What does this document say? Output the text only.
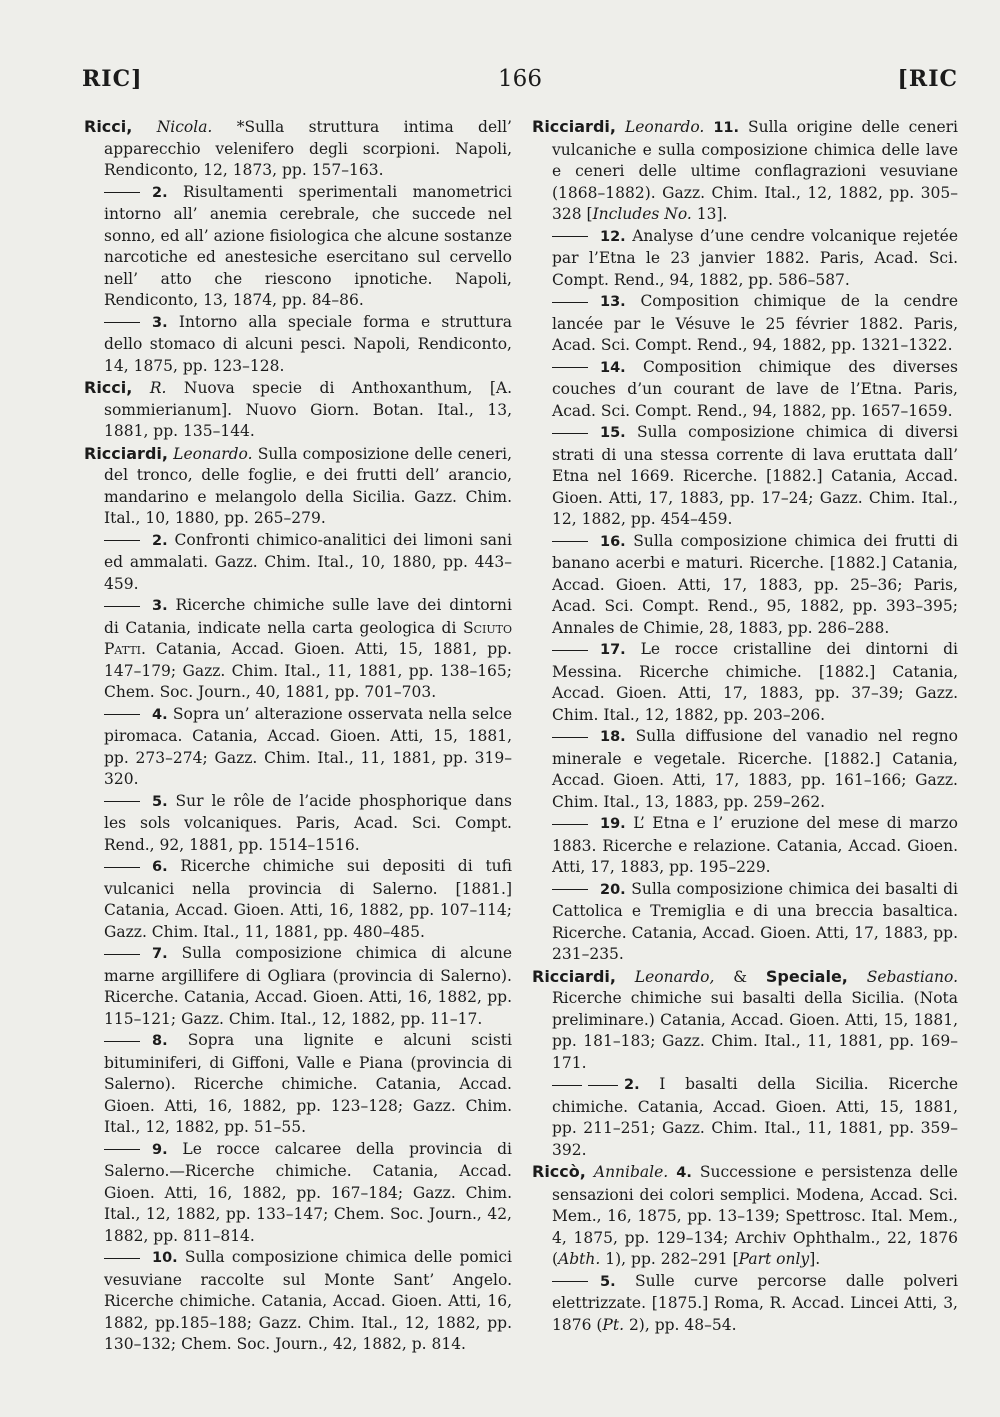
RIC]	166	[RIC

Ricci, Nicola. *Sulla struttura intima dell’ apparecchio velenifero degli scorpioni. Napoli, Rendiconto, 12, 1873, pp. 157–163.

2. Risultamenti sperimentali manometrici intorno all’ anemia cerebrale, che succede nel sonno, ed all’ azione fisiologica che alcune sostanze narcotiche ed anestesiche esercitano sul cervello nell’ atto che riescono ipnotiche. Napoli, Rendiconto, 13, 1874, pp. 84–86.

3. Intorno alla speciale forma e struttura dello stomaco di alcuni pesci. Napoli, Rendiconto, 14, 1875, pp. 123–128.

Ricci, R. Nuova specie di Anthoxanthum, [A. sommierianum]. Nuovo Giorn. Botan. Ital., 13, 1881, pp. 135–144.

Ricciardi, Leonardo. Sulla composizione delle ceneri, del tronco, delle foglie, e dei frutti dell’ arancio, mandarino e melangolo della Sicilia. Gazz. Chim. Ital., 10, 1880, pp. 265–279.

2. Confronti chimico-analitici dei limoni sani ed ammalati. Gazz. Chim. Ital., 10, 1880, pp. 443–459.

3. Ricerche chimiche sulle lave dei dintorni di Catania, indicate nella carta geologica di Sciuto Patti. Catania, Accad. Gioen. Atti, 15, 1881, pp. 147–179; Gazz. Chim. Ital., 11, 1881, pp. 138–165; Chem. Soc. Journ., 40, 1881, pp. 701–703.

4. Sopra un’ alterazione osservata nella selce piromaca. Catania, Accad. Gioen. Atti, 15, 1881, pp. 273–274; Gazz. Chim. Ital., 11, 1881, pp. 319–320.

5. Sur le rôle de l’acide phosphorique dans les sols volcaniques. Paris, Acad. Sci. Compt. Rend., 92, 1881, pp. 1514–1516.

6. Ricerche chimiche sui depositi di tufi vulcanici nella provincia di Salerno. [1881.] Catania, Accad. Gioen. Atti, 16, 1882, pp. 107–114; Gazz. Chim. Ital., 11, 1881, pp. 480–485.

7. Sulla composizione chimica di alcune marne argillifere di Ogliara (provincia di Salerno). Ricerche. Catania, Accad. Gioen. Atti, 16, 1882, pp. 115–121; Gazz. Chim. Ital., 12, 1882, pp. 11–17.

8. Sopra una lignite e alcuni scisti bituminiferi, di Giffoni, Valle e Piana (provincia di Salerno). Ricerche chimiche. Catania, Accad. Gioen. Atti, 16, 1882, pp. 123–128; Gazz. Chim. Ital., 12, 1882, pp. 51–55.

9. Le rocce calcaree della provincia di Salerno.—Ricerche chimiche. Catania, Accad. Gioen. Atti, 16, 1882, pp. 167–184; Gazz. Chim. Ital., 12, 1882, pp. 133–147; Chem. Soc. Journ., 42, 1882, pp. 811–814.

10. Sulla composizione chimica delle pomici vesuviane raccolte sul Monte Sant’ Angelo. Ricerche chimiche. Catania, Accad. Gioen. Atti, 16, 1882, pp.185–188; Gazz. Chim. Ital., 12, 1882, pp. 130–132; Chem. Soc. Journ., 42, 1882, p. 814.

Ricciardi, Leonardo. 11. Sulla origine delle ceneri vulcaniche e sulla composizione chimica delle lave e ceneri delle ultime conflagrazioni vesuviane (1868–1882). Gazz. Chim. Ital., 12, 1882, pp. 305–328 [Includes No. 13].

12. Analyse d’une cendre volcanique rejetée par l’Etna le 23 janvier 1882. Paris, Acad. Sci. Compt. Rend., 94, 1882, pp. 586–587.

13. Composition chimique de la cendre lancée par le Vésuve le 25 février 1882. Paris, Acad. Sci. Compt. Rend., 94, 1882, pp. 1321–1322.

14. Composition chimique des diverses couches d’un courant de lave de l’Etna. Paris, Acad. Sci. Compt. Rend., 94, 1882, pp. 1657–1659.

15. Sulla composizione chimica di diversi strati di una stessa corrente di lava eruttata dall’ Etna nel 1669. Ricerche. [1882.] Catania, Accad. Gioen. Atti, 17, 1883, pp. 17–24; Gazz. Chim. Ital., 12, 1882, pp. 454–459.

16. Sulla composizione chimica dei frutti di banano acerbi e maturi. Ricerche. [1882.] Catania, Accad. Gioen. Atti, 17, 1883, pp. 25–36; Paris, Acad. Sci. Compt. Rend., 95, 1882, pp. 393–395; Annales de Chimie, 28, 1883, pp. 286–288.

17. Le rocce cristalline dei dintorni di Messina. Ricerche chimiche. [1882.] Catania, Accad. Gioen. Atti, 17, 1883, pp. 37–39; Gazz. Chim. Ital., 12, 1882, pp. 203–206.

18. Sulla diffusione del vanadio nel regno minerale e vegetale. Ricerche. [1882.] Catania, Accad. Gioen. Atti, 17, 1883, pp. 161–166; Gazz. Chim. Ital., 13, 1883, pp. 259–262.

19. L’ Etna e l’ eruzione del mese di marzo 1883. Ricerche e relazione. Catania, Accad. Gioen. Atti, 17, 1883, pp. 195–229.

20. Sulla composizione chimica dei basalti di Cattolica e Tremiglia e di una breccia basaltica. Ricerche. Catania, Accad. Gioen. Atti, 17, 1883, pp. 231–235.

Ricciardi, Leonardo, & Speciale, Sebastiano. Ricerche chimiche sui basalti della Sicilia. (Nota preliminare.) Catania, Accad. Gioen. Atti, 15, 1881, pp. 181–183; Gazz. Chim. Ital., 11, 1881, pp. 169–171.

2. I basalti della Sicilia. Ricerche chimiche. Catania, Accad. Gioen. Atti, 15, 1881, pp. 211–251; Gazz. Chim. Ital., 11, 1881, pp. 359–392.

Riccò, Annibale. 4. Successione e persistenza delle sensazioni dei colori semplici. Modena, Accad. Sci. Mem., 16, 1875, pp. 13–139; Spettrosc. Ital. Mem., 4, 1875, pp. 129–134; Archiv Ophthalm., 22, 1876 (Abth. 1), pp. 282–291 [Part only].

5. Sulle curve percorse dalle polveri elettrizzate. [1875.] Roma, R. Accad. Lincei Atti, 3, 1876 (Pt. 2), pp. 48–54.
